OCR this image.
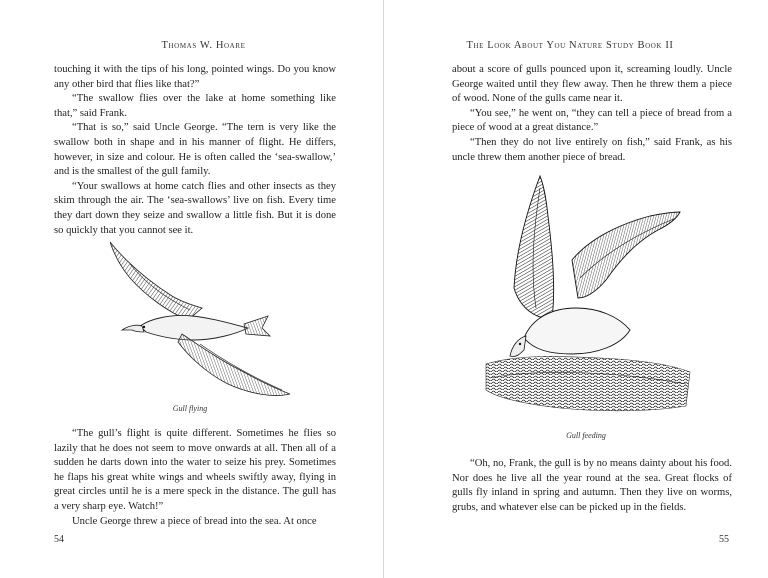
Thomas W. Hoare

touching it with the tips of his long, pointed wings. Do you know any other bird that flies like that?”

“The swallow flies over the lake at home something like that,” said Frank.

“That is so,” said Uncle George. “The tern is very like the swallow both in shape and in his manner of flight. He differs, however, in size and colour. He is often called the ‘sea-swallow,’ and is the smallest of the gull family.

“Your swallows at home catch flies and other insects as they skim through the air. The ‘sea-swallows’ live on fish. Every time they dart down they seize and swallow a little fish. But it is done so quickly that you cannot see it.

Gull flying

“The gull’s flight is quite different. Sometimes he flies so lazily that he does not seem to move onwards at all. Then all of a sudden he darts down into the water to seize his prey. Sometimes he flaps his great white wings and wheels swiftly away, flying in great circles until he is a mere speck in the distance. The gull has a very sharp eye. Watch!”

Uncle George threw a piece of bread into the sea. At once

54
The Look About You Nature Study Book II

about a score of gulls pounced upon it, screaming loudly. Uncle George waited until they flew away. Then he threw them a piece of wood. None of the gulls came near it.

“You see,” he went on, “they can tell a piece of bread from a piece of wood at a great distance.”

“Then they do not live entirely on fish,” said Frank, as his uncle threw them another piece of bread.

Gull feeding

“Oh, no, Frank, the gull is by no means dainty about his food. Nor does he live all the year round at the sea. Great flocks of gulls fly inland in spring and autumn. Then they live on worms, grubs, and whatever else can be picked up in the fields.

55
